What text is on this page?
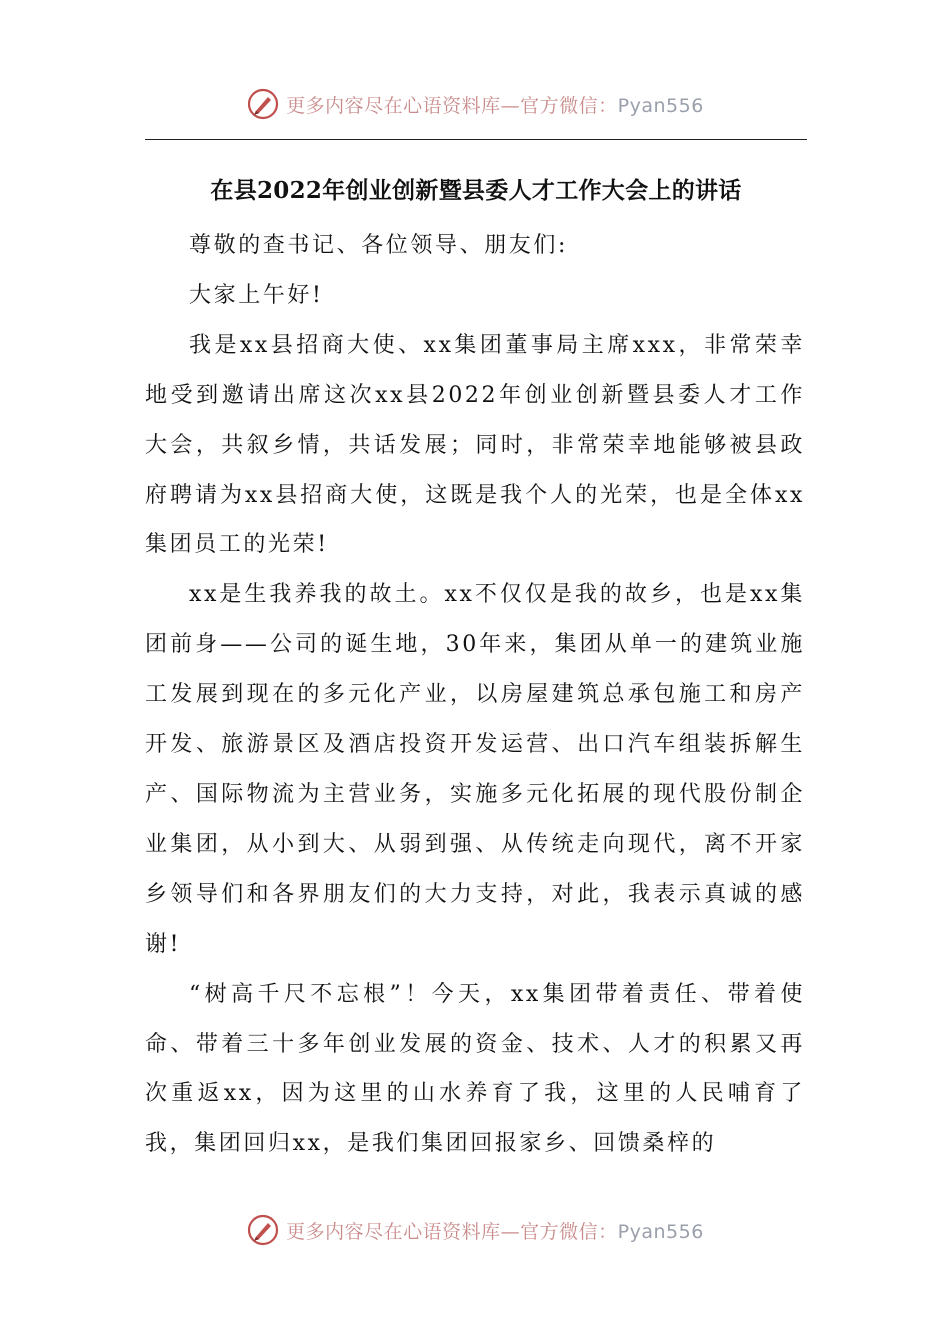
更多内容尽在心语资料库—官方微信：Pyan556
在县2022年创业创新暨县委人才工作大会上的讲话

尊敬的查书记、各位领导、朋友们:

大家上午好!

我是xx县招商大使、xx集团董事局主席xxx，非常荣幸地受到邀请出席这次xx县2022年创业创新暨县委人才工作大会，共叙乡情，共话发展；同时，非常荣幸地能够被县政府聘请为xx县招商大使，这既是我个人的光荣，也是全体xx集团员工的光荣!

xx是生我养我的故土。xx不仅仅是我的故乡，也是xx集团前身——公司的诞生地，30年来，集团从单一的建筑业施工发展到现在的多元化产业，以房屋建筑总承包施工和房产开发、旅游景区及酒店投资开发运营、出口汽车组装拆解生产、国际物流为主营业务，实施多元化拓展的现代股份制企业集团，从小到大、从弱到强、从传统走向现代，离不开家乡领导们和各界朋友们的大力支持，对此，我表示真诚的感谢!

“树高千尺不忘根”！今天，xx集团带着责任、带着使命、带着三十多年创业发展的资金、技术、人才的积累又再次重返xx，因为这里的山水养育了我，这里的人民哺育了我，集团回归xx，是我们集团回报家乡、回馈桑梓的

更多内容尽在心语资料库—官方微信：Pyan556
